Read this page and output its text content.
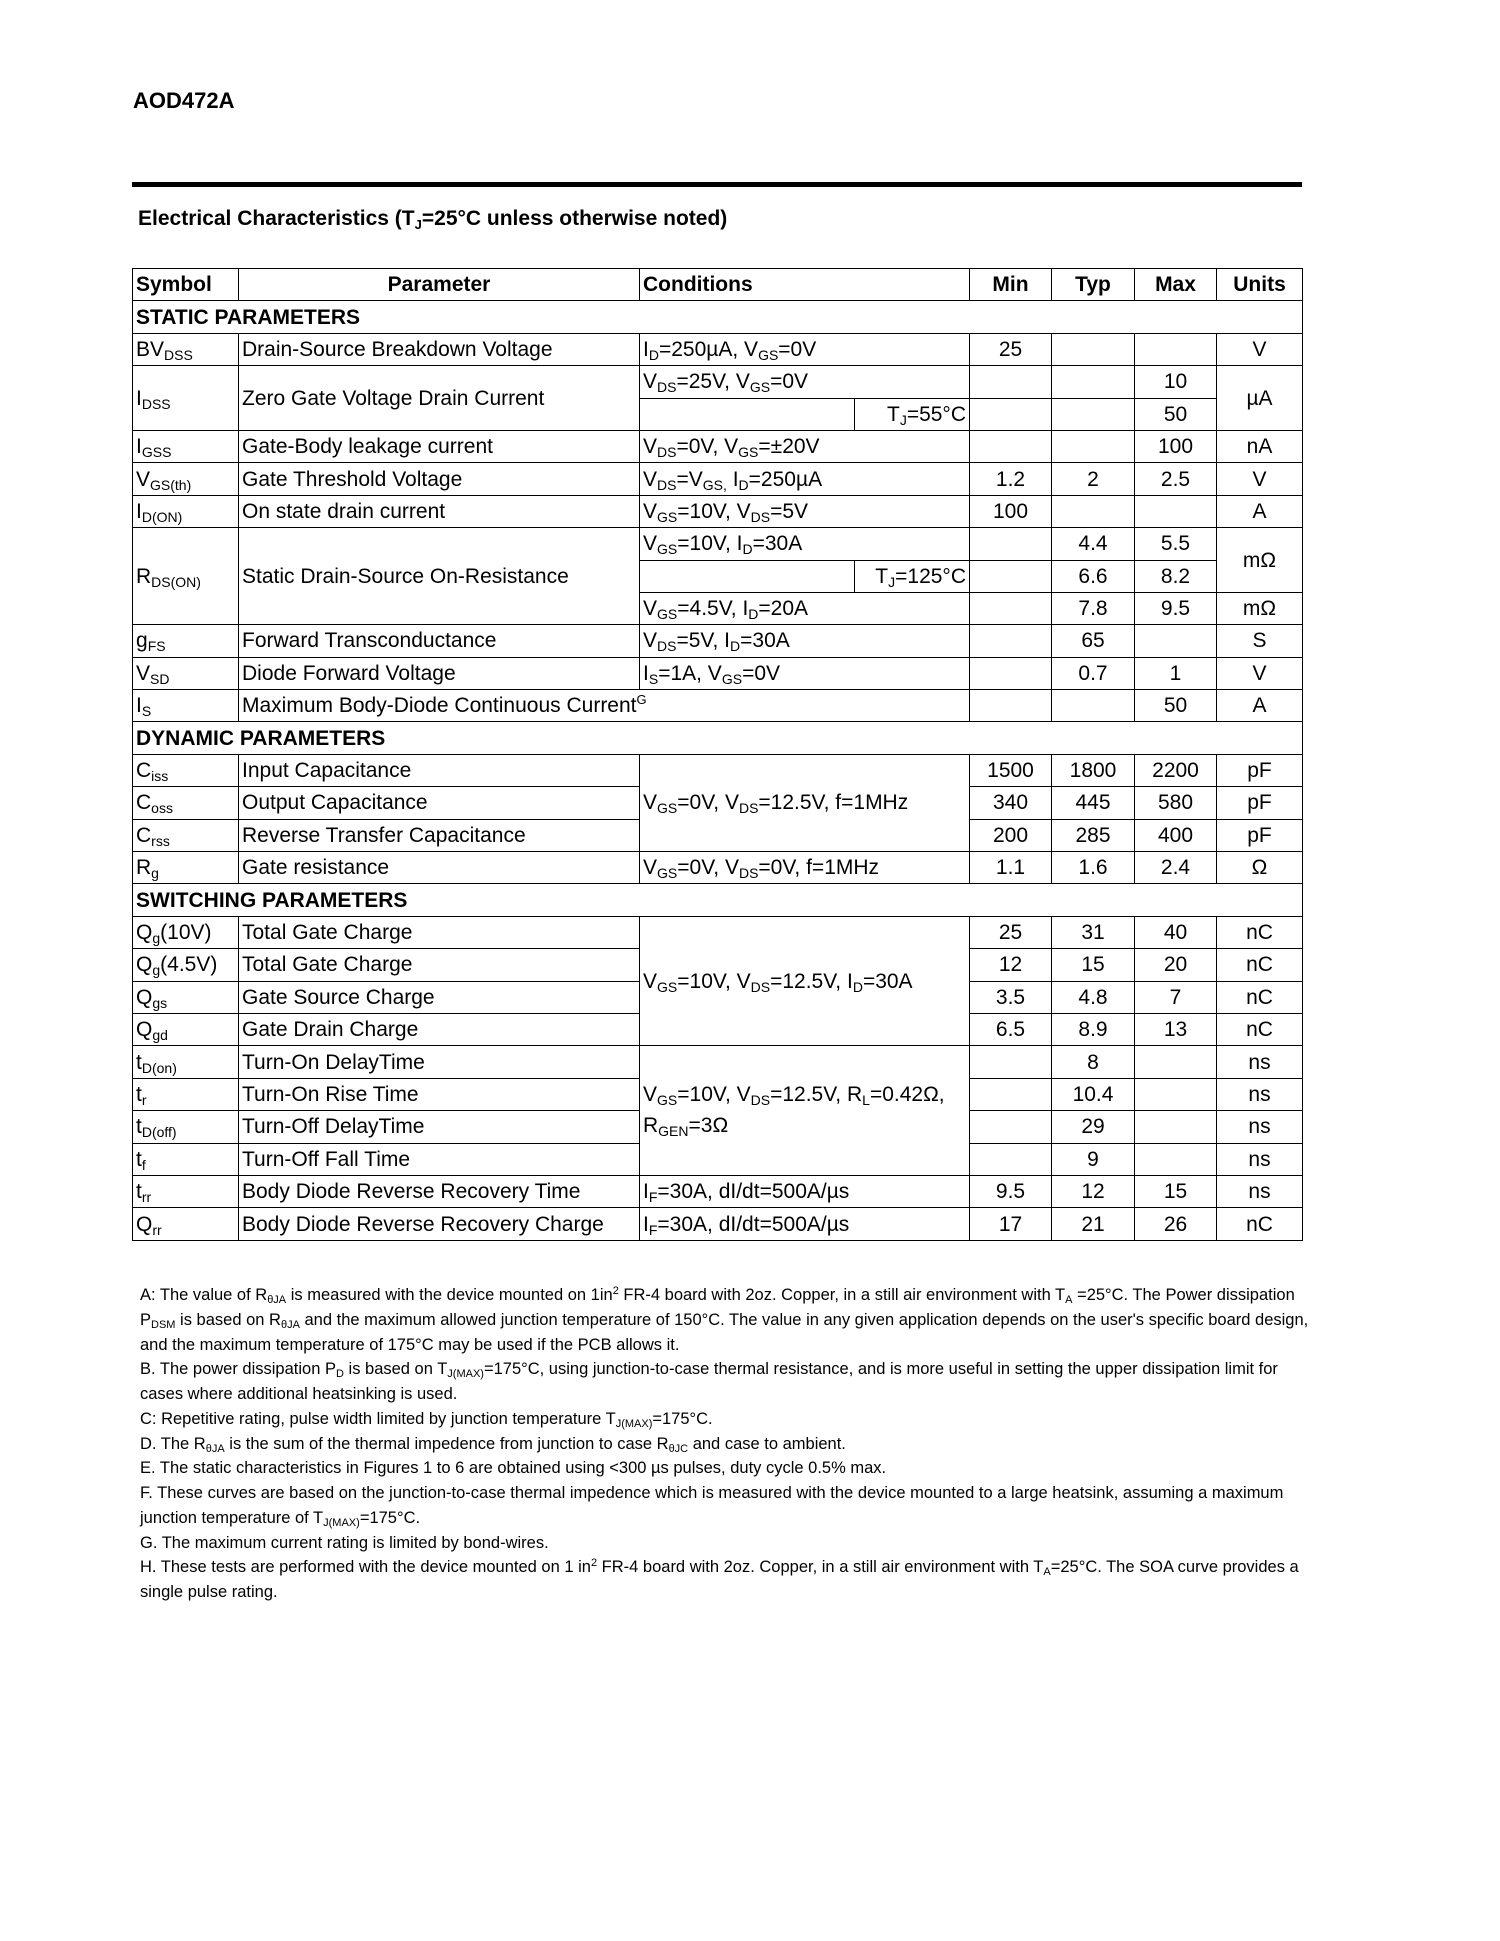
AOD472A
Electrical Characteristics (TJ=25°C unless otherwise noted)
Symbol	Parameter	Conditions		Min	Typ	Max	Units
STATIC PARAMETERS							
BVDSS	Drain-Source Breakdown Voltage	ID=250µA, VGS=0V		25			V
IDSS	Zero Gate Voltage Drain Current	VDS=25V, VGS=0V				10	µA
			TJ=55°C			50	
IGSS	Gate-Body leakage current	VDS=0V, VGS=±20V				100	nA
VGS(th)	Gate Threshold Voltage	VDS=VGS, ID=250µA		1.2	2	2.5	V
ID(ON)	On state drain current	VGS=10V, VDS=5V		100			A
RDS(ON)	Static Drain-Source On-Resistance	VGS=10V, ID=30A			4.4	5.5	mΩ
			TJ=125°C		6.6	8.2	
		VGS=4.5V, ID=20A			7.8	9.5	mΩ
gFS	Forward Transconductance	VDS=5V, ID=30A			65		S
VSD	Diode Forward Voltage	IS=1A, VGS=0V			0.7	1	V
IS	Maximum Body-Diode Continuous CurrentG					50	A
DYNAMIC PARAMETERS							
Ciss	Input Capacitance	VGS=0V, VDS=12.5V, f=1MHz		1500	1800	2200	pF
Coss	Output Capacitance			340	445	580	pF
Crss	Reverse Transfer Capacitance			200	285	400	pF
Rg	Gate resistance	VGS=0V, VDS=0V, f=1MHz		1.1	1.6	2.4	Ω
SWITCHING PARAMETERS							
Qg(10V)	Total Gate Charge	VGS=10V, VDS=12.5V, ID=30A		25	31	40	nC
Qg(4.5V)	Total Gate Charge			12	15	20	nC
Qgs	Gate Source Charge			3.5	4.8	7	nC
Qgd	Gate Drain Charge			6.5	8.9	13	nC
tD(on)	Turn-On DelayTime	VGS=10V, VDS=12.5V, RL=0.42Ω,
RGEN=3Ω			8		ns
tr	Turn-On Rise Time				10.4		ns
tD(off)	Turn-Off DelayTime				29		ns
tf	Turn-Off Fall Time				9		ns
trr	Body Diode Reverse Recovery Time	IF=30A, dI/dt=500A/µs		9.5	12	15	ns
Qrr	Body Diode Reverse Recovery Charge	IF=30A, dI/dt=500A/µs		17	21	26	nC

A: The value of RθJA is measured with the device mounted on 1in2 FR-4 board with 2oz. Copper, in a still air environment with TA =25°C. The Power dissipation PDSM is based on RθJA and the maximum allowed junction temperature of 150°C. The value in any given application depends on the user's specific board design, and the maximum temperature of 175°C may be used if the PCB allows it.

B. The power dissipation PD is based on TJ(MAX)=175°C, using junction-to-case thermal resistance, and is more useful in setting the upper dissipation limit for cases where additional heatsinking is used.

C: Repetitive rating, pulse width limited by junction temperature TJ(MAX)=175°C.

D. The RθJA is the sum of the thermal impedence from junction to case RθJC and case to ambient.

E. The static characteristics in Figures 1 to 6 are obtained using <300 µs pulses, duty cycle 0.5% max.

F. These curves are based on the junction-to-case thermal impedence which is measured with the device mounted to a large heatsink, assuming a maximum junction temperature of TJ(MAX)=175°C.

G. The maximum current rating is limited by bond-wires.

H. These tests are performed with the device mounted on 1 in2 FR-4 board with 2oz. Copper, in a still air environment with TA=25°C. The SOA curve provides a single pulse rating.
